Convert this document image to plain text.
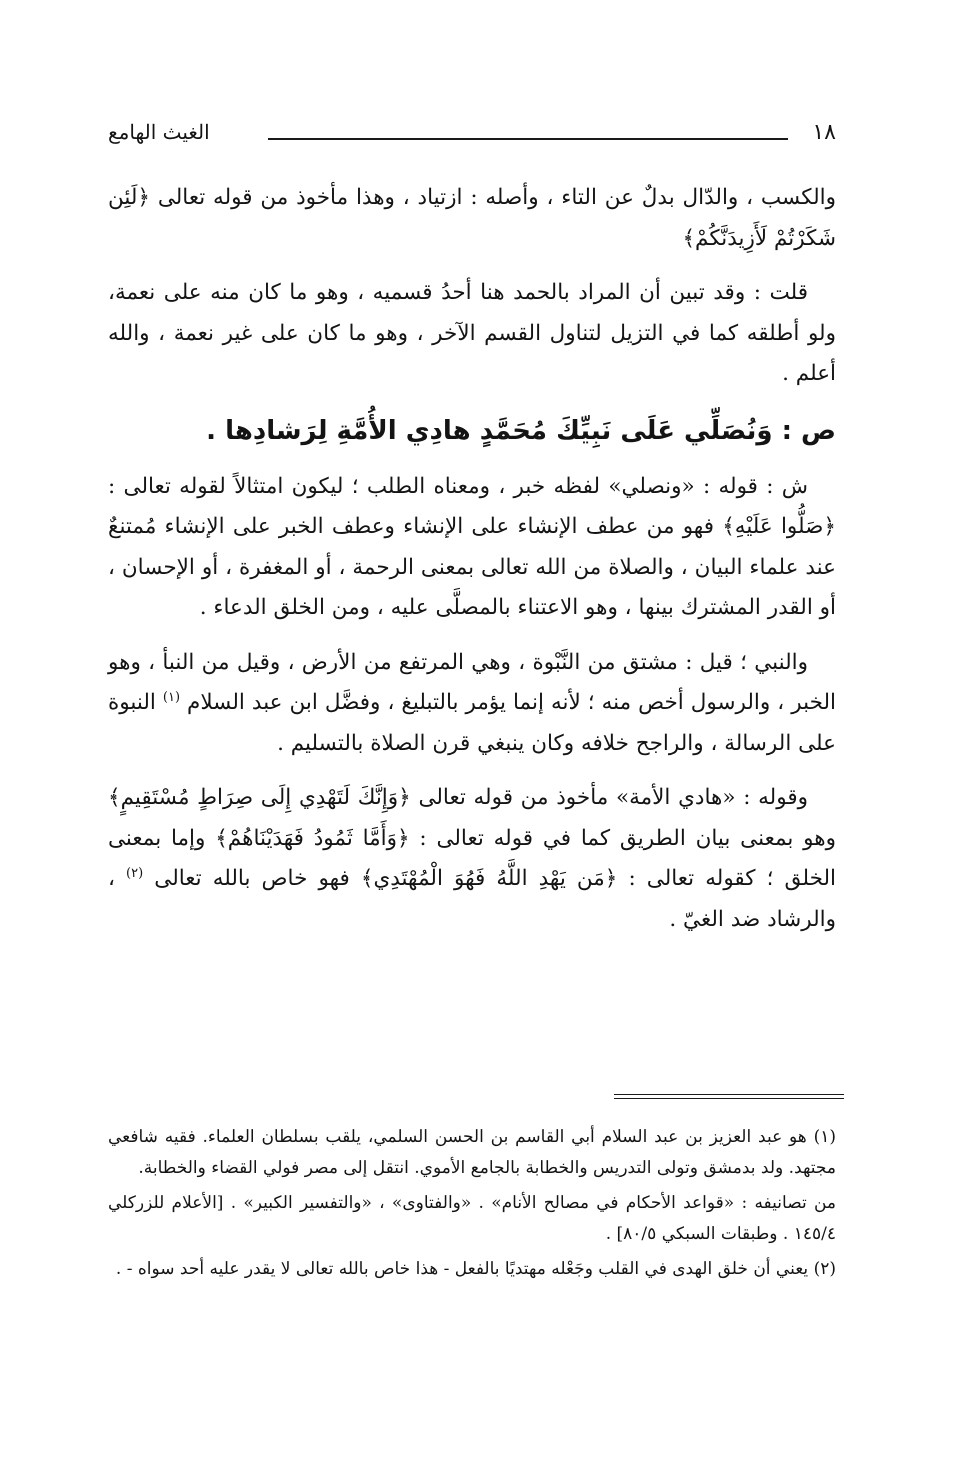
١٨
الغيث الهامع

والكسب ، والدّال بدلٌ عن التاء ، وأصله : ازتياد ، وهذا مأخوذ من قوله تعالى ﴿لَئِن شَكَرْتُمْ لَأَزِيدَنَّكُمْ﴾

قلت : وقد تبين أن المراد بالحمد هنا أحدُ قسميه ، وهو ما كان منه على نعمة، ولو أطلقه كما في التزيل لتناول القسم الآخر ، وهو ما كان على غير نعمة ، والله أعلم .

ص : وَنُصَلِّي عَلَى نَبِيِّكَ مُحَمَّدٍ هادِي الأُمَّةِ لِرَشادِها .

ش : قوله : «ونصلي» لفظه خبر ، ومعناه الطلب ؛ ليكون امتثالاً لقوله تعالى : ﴿صَلُّوا عَلَيْهِ﴾ فهو من عطف الإنشاء على الإنشاء وعطف الخبر على الإنشاء مُمتنعٌ عند علماء البيان ، والصلاة من الله تعالى بمعنى الرحمة ، أو المغفرة ، أو الإحسان ، أو القدر المشترك بينها ، وهو الاعتناء بالمصلَّى عليه ، ومن الخلق الدعاء .

والنبي ؛ قيل : مشتق من النَّبْوة ، وهي المرتفع من الأرض ، وقيل من النبأ ، وهو الخبر ، والرسول أخص منه ؛ لأنه إنما يؤمر بالتبليغ ، وفضَّل ابن عبد السلام $^{(١)}$ النبوة على الرسالة ، والراجح خلافه وكان ينبغي قرن الصلاة بالتسليم .

وقوله : «هادي الأمة» مأخوذ من قوله تعالى ﴿وَإِنَّكَ لَتَهْدِي إِلَى صِرَاطٍ مُسْتَقِيمٍ﴾ وهو بمعنى بيان الطريق كما في قوله تعالى : ﴿وَأَمَّا ثَمُودُ فَهَدَيْنَاهُمْ﴾ وإما بمعنى الخلق ؛ كقوله تعالى : ﴿مَن يَهْدِ اللَّهُ فَهُوَ الْمُهْتَدِي﴾ فهو خاص بالله تعالى $^{(٢)}$ ، والرشاد ضد الغيّ .

(١) هو عبد العزيز بن عبد السلام أبي القاسم بن الحسن السلمي، يلقب بسلطان العلماء. فقيه شافعي مجتهد. ولد بدمشق وتولى التدريس والخطابة بالجامع الأموي. انتقل إلى مصر فولي القضاء والخطابة.

من تصانيفه : «قواعد الأحكام في مصالح الأنام» . «والفتاوى» ، «والتفسير الكبير» . [الأعلام للزركلي ١٤٥/٤ . وطبقات السبكي ٨٠/٥] .

(٢) يعني أن خلق الهدى في القلب وجَعْله مهتديًا بالفعل - هذا خاص بالله تعالى لا يقدر عليه أحد سواه - .
